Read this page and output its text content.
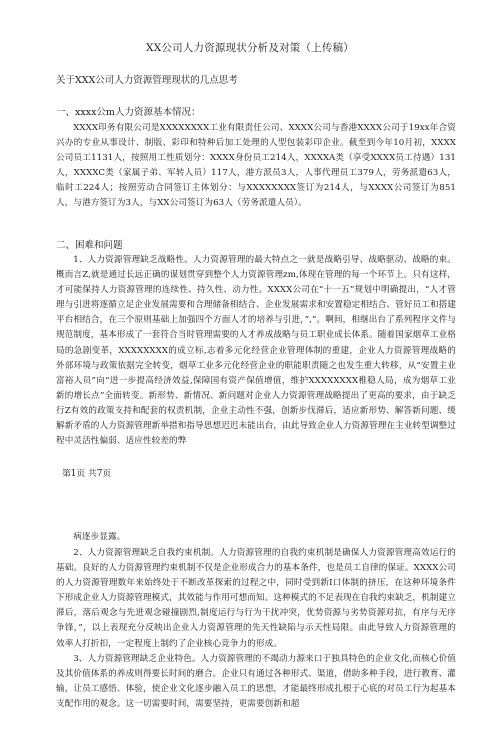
XX公司人力资源现状分析及对策（上传稿）
关于XXX公司人力资源管理现状的几点思考
一、xxxx公m人力资源基本情况：

XXXX印务有限公司是XXXXXXXX工业有限责任公司、XXXX公司与香港XXXX公司于19xx年合资兴办的专业从事设计、制版、彩印和特种后加工处理的人型包装彩印企业。截至到今年10月初，XXXX公司员工1131人，按照用工性质划分：XXXX身份员工214人，XXXXA类（享受XXXX员工待遇）131人，XXXXC类（家属子弟、军转人员）117人，港方派员3人，人事代理员工379人，劳务派遣63人，临时工224人；按照劳动合同签订主体划分：与XXXXXXXX签订为214人，与XXXX公司签订为851人，与港方签订为3人，与XX公司签订为63人（劳务派遣人员）。

二、困难和问题

1、人力资源管理缺乏战略性。人力资源管理的最大特点之一就是战略引导、战略驱动、战略的束。概而言Z,就是通过长远正确的谋划贯穿到整个人力资源管理zm,体现在管理的每一个环节上。只有这样，才可能保持人力资源管理的连续性、持久性、动力性。XXXX公司在“十一五”规划中明确提出，“人才管理与引进将逐循立足企业发展需要和合理储备相结合、企业发展需求和安置稳定相结合、管好员工和搭建平台相结合，在三个原则基础上加强四个方面人才的培养与引进，”,”。啊间，相继出台了系列程序文件与规范制度，基本形成了一套符合当时管理需要的人才养成战略与员工职业成长体系。随着国家烟草工业格局的急剧变革，XXXXXXXX的成立标,志着多元化经营企业管理体制的重建，企业人力资源管理战略的外部环境与政策依据完全转变，烟草工业多元化经营企业的职能职责随之也发生重大转移，从“安置主业富裕人员”向“进一步提高经济效益,保障国有资产保值增值，维护XXXXXXXX稚稳人局，成为烟草工业新的增长点”全面转变。新形势、新情况、新问题对企业人力资源管理战略提出了更高的要求，由于缺乏行Z有效的政策支持和配套的权责机制，企业主动性不强，创新步伐滞后，适应新形势、解答新问题、缓解新矛盾的人力资源管理新举措和指导思想迟迟未能出台，由此导致企业人力资源管理在主业转型调整过程中灵活性偏弱、适应性较差的弊

第1页 共7页

病逐步显露。

2、人力资源管理缺乏自我约束机制。人力资源管理的自我约束机制是确保人力资源管理高效运行的基础。良好的人力资源管理约束机制不仅是企业形成合力的基本条件，也是员工自律的保证。XXXX公司的人力资源管理数年来始终处于不断改革探索的过程之中，同时受到新I口体制的挤压，在这种环境条件下形成企业人力资源管理模式，其效能与作用可想而知。这种模式的不足表现在自我约束缺乏，机制建立滞后，落后观念与先进观念碰撞剧烈,制度运行与行为干扰冲突，优势资源与劣势资源对抗，有序与无序争锋，”，以上表现充分反映出企业人力资源管理的先天性缺陷与示天性局限。由此导致人力资源管理的效率人打折扣，一定程度上制约了企业核心竞争力的形成。

3、人力资源管理缺乏企业特色。人力资源管理的不竭动力源来口于独具特色的企业文化,而核心价值及其价值体系的养成则得要长时间的磨合。企业只有通过各种形式、渠道，借助多种手段，进行教育、灌输，让员工感悟、体验，使企业文化逐步融入员工的思想，才能最终形成扎根于心底的对员工行为起基本支配作用的观念。这一切需要时间，需要坚持，更需要创新和超
